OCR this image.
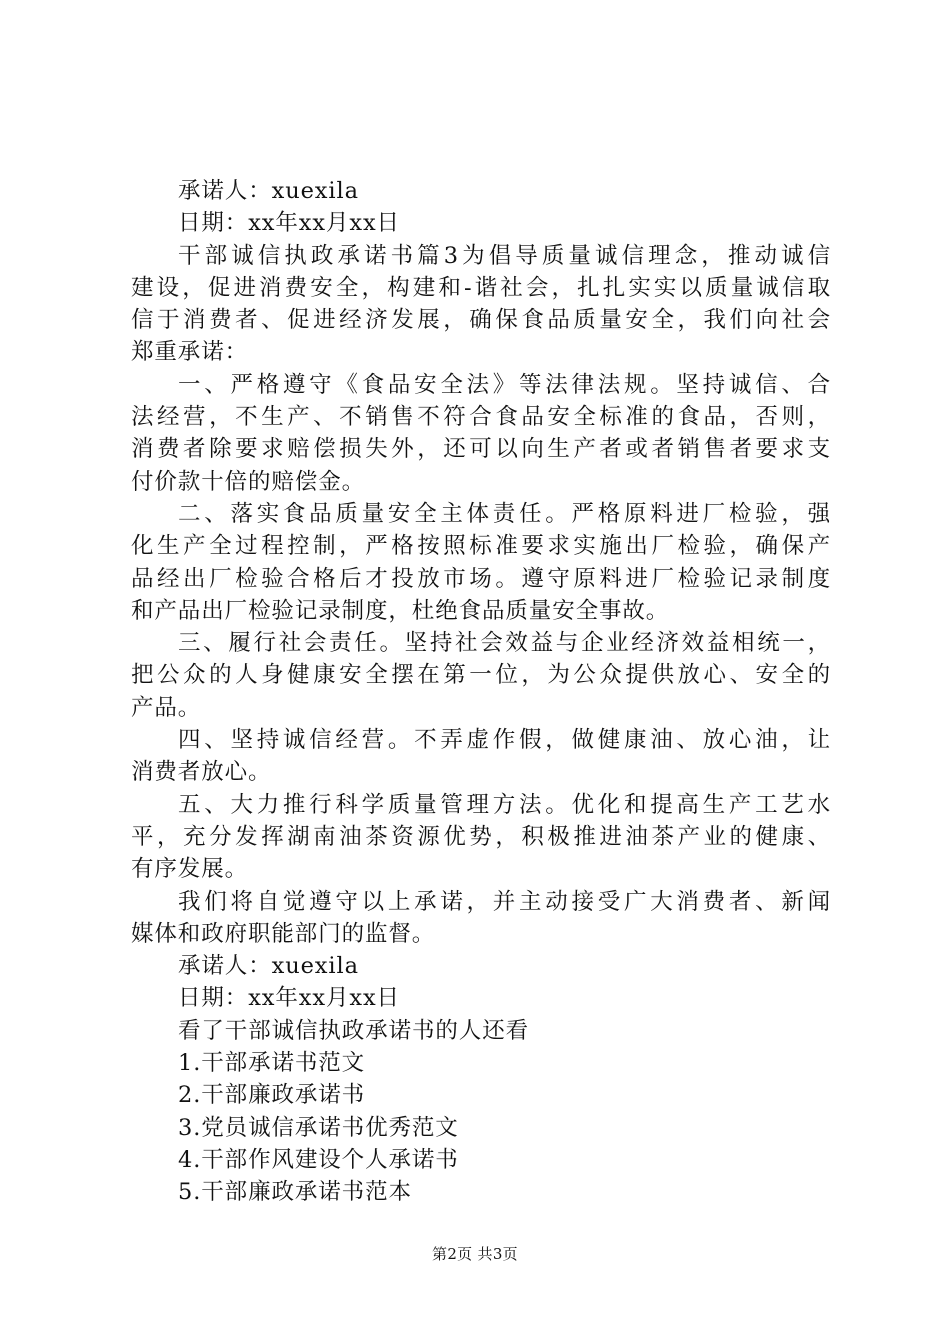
承诺人：xuexila
日期：xx年xx月xx日
干部诚信执政承诺书篇3为倡导质量诚信理念，推动诚信
建设，促进消费安全，构建和-谐社会，扎扎实实以质量诚信取
信于消费者、促进经济发展，确保食品质量安全，我们向社会
郑重承诺：
一、严格遵守《食品安全法》等法律法规。坚持诚信、合
法经营，不生产、不销售不符合食品安全标准的食品，否则，
消费者除要求赔偿损失外，还可以向生产者或者销售者要求支
付价款十倍的赔偿金。
二、落实食品质量安全主体责任。严格原料进厂检验，强
化生产全过程控制，严格按照标准要求实施出厂检验，确保产
品经出厂检验合格后才投放市场。遵守原料进厂检验记录制度
和产品出厂检验记录制度，杜绝食品质量安全事故。
三、履行社会责任。坚持社会效益与企业经济效益相统一，
把公众的人身健康安全摆在第一位，为公众提供放心、安全的
产品。
四、坚持诚信经营。不弄虚作假，做健康油、放心油，让
消费者放心。
五、大力推行科学质量管理方法。优化和提高生产工艺水
平，充分发挥湖南油茶资源优势，积极推进油茶产业的健康、
有序发展。
我们将自觉遵守以上承诺，并主动接受广大消费者、新闻
媒体和政府职能部门的监督。
承诺人：xuexila
日期：xx年xx月xx日
看了干部诚信执政承诺书的人还看
1.干部承诺书范文
2.干部廉政承诺书
3.党员诚信承诺书优秀范文
4.干部作风建设个人承诺书
5.干部廉政承诺书范本
第2页 共3页
